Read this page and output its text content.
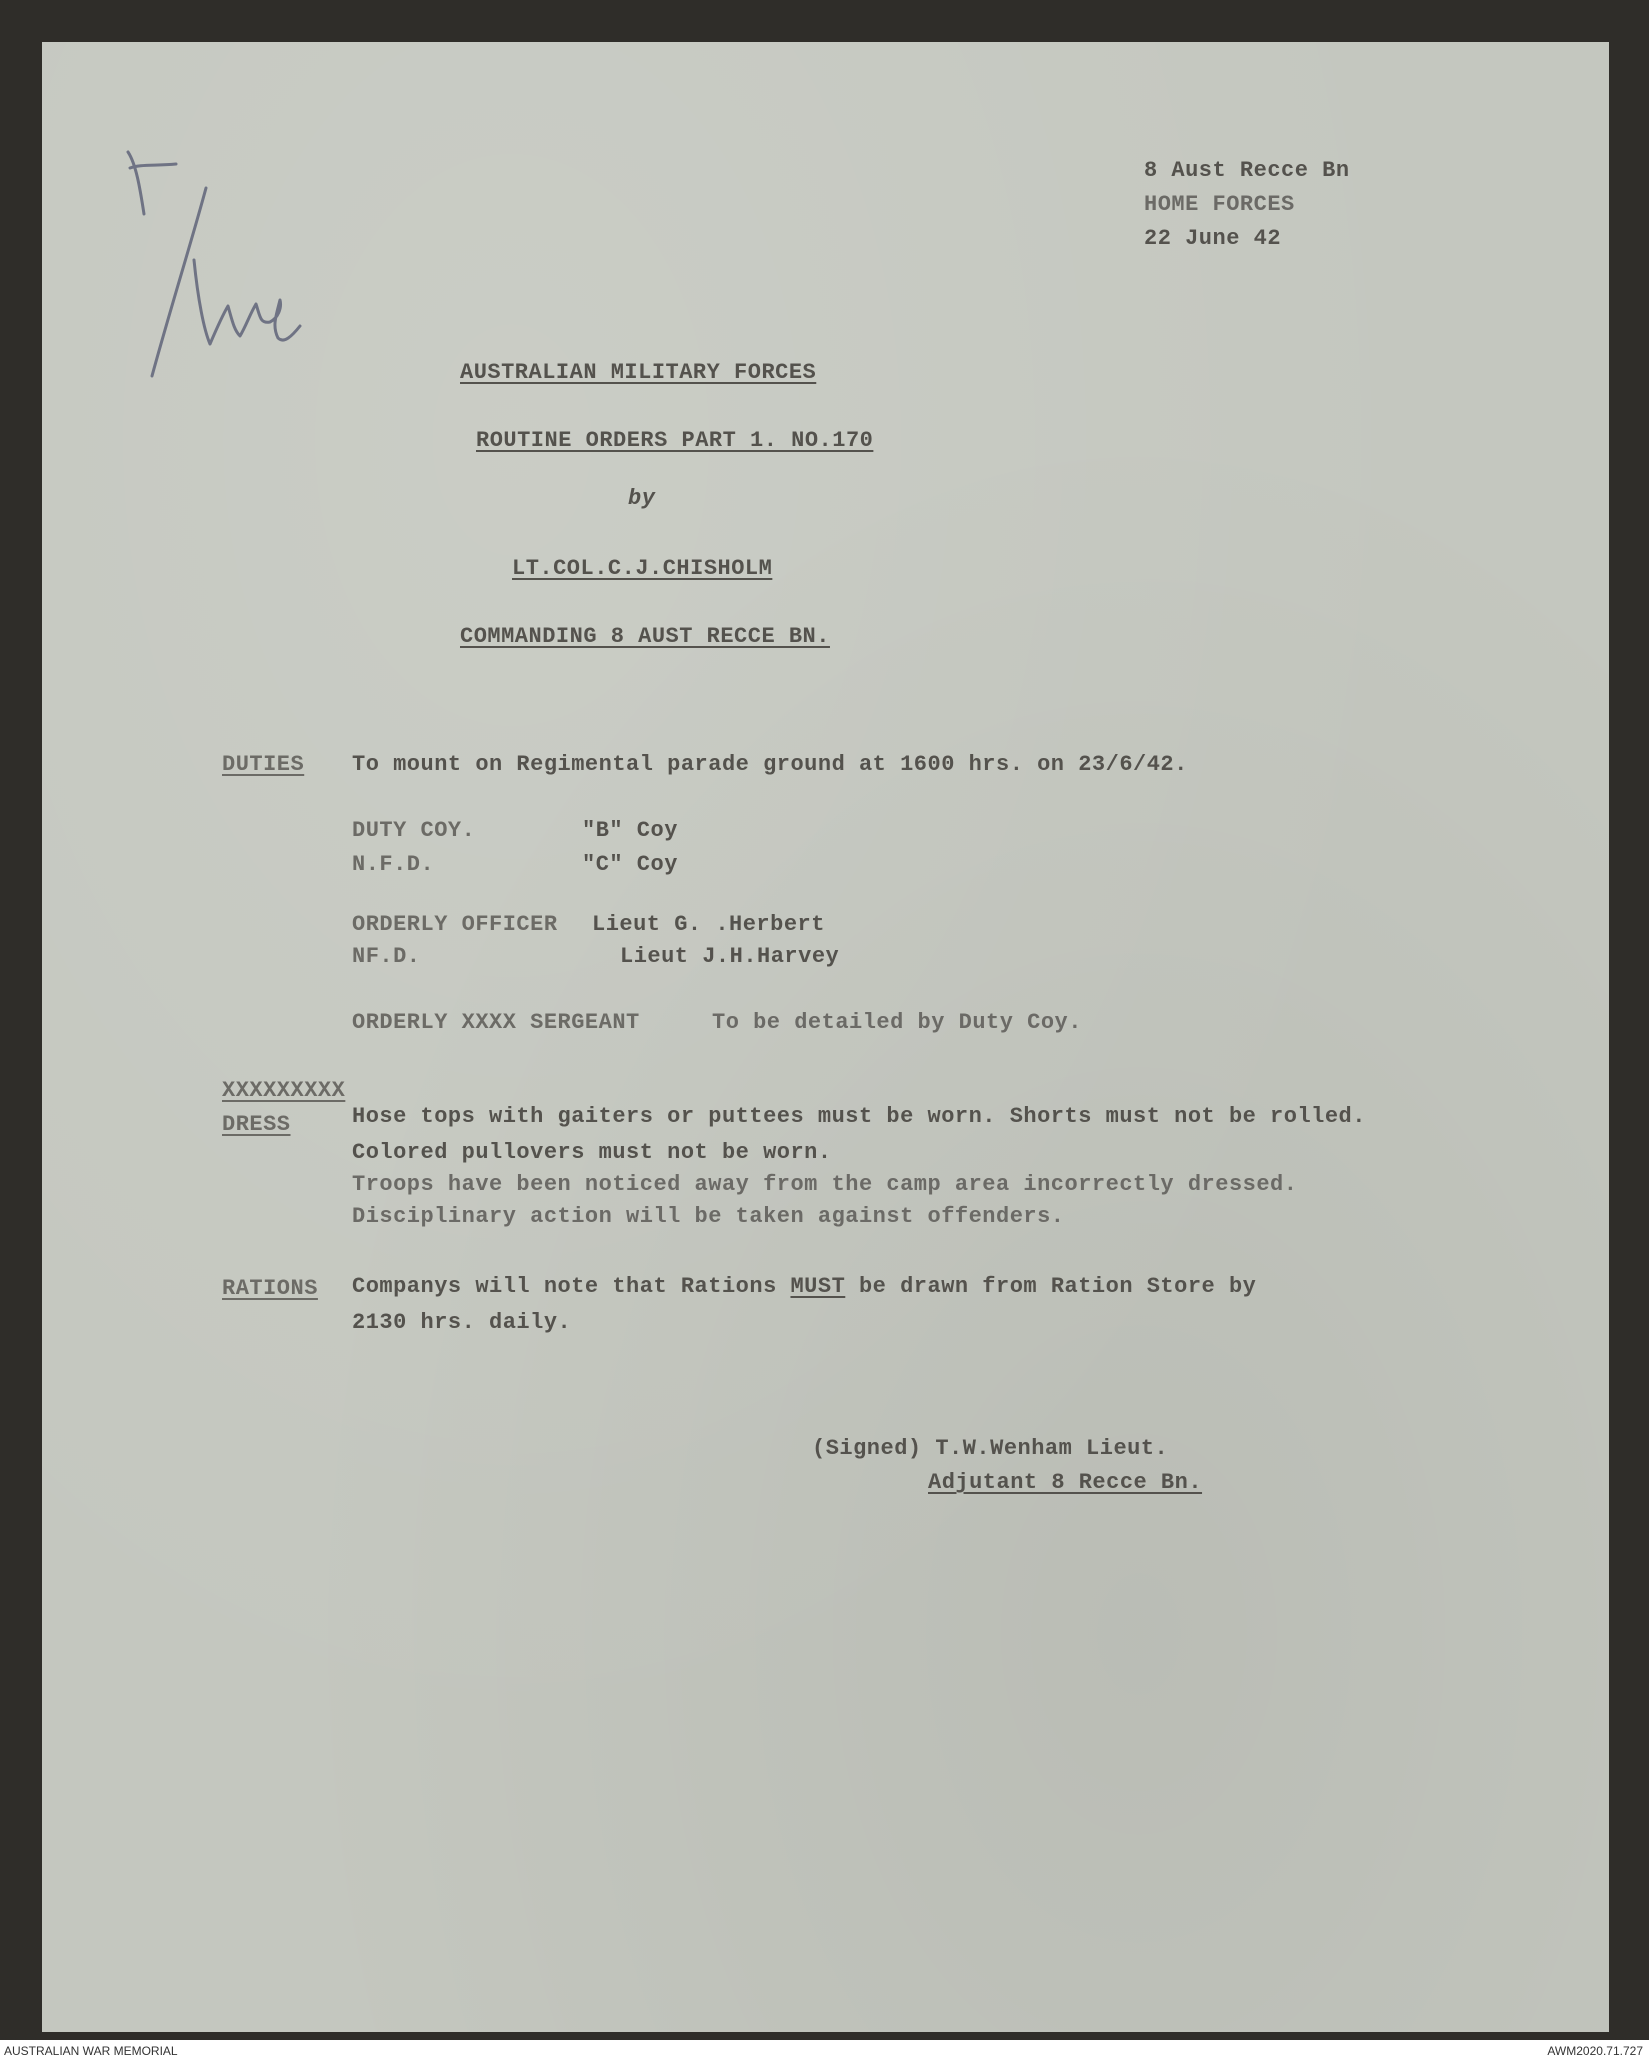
8 Aust Recce Bn
HOME FORCES
22 June 42
AUSTRALIAN MILITARY FORCES
ROUTINE ORDERS PART 1. NO.170
by
LT.COL.C.J.CHISHOLM
COMMANDING 8 AUST RECCE BN.
DUTIES To mount on Regimental parade ground at 1600 hrs. on 23/6/42.
DUTY COY.	"B" Coy
N.F.D.	"C" Coy
ORDERLY OFFICER Lieut G. .Herbert
NF.D.	Lieut J.H.Harvey
ORDERLY XXXX SERGEANT	To be detailed by Duty Coy.
XXXXXXXXX
DRESS	Hose tops with gaiters or puttees must be worn. Shorts must not be rolled.
Colored pullovers must not be worn.
Troops have been noticed away from the camp area incorrectly dressed.
Disciplinary action will be taken against offenders.
RATIONS Companys will note that Rations MUST be drawn from Ration Store by
2130 hrs. daily.
(Signed) T.W.Wenham Lieut.
Adjutant 8 Recce Bn.
AUSTRALIAN WAR MEMORIAL	AWM2020.71.727
